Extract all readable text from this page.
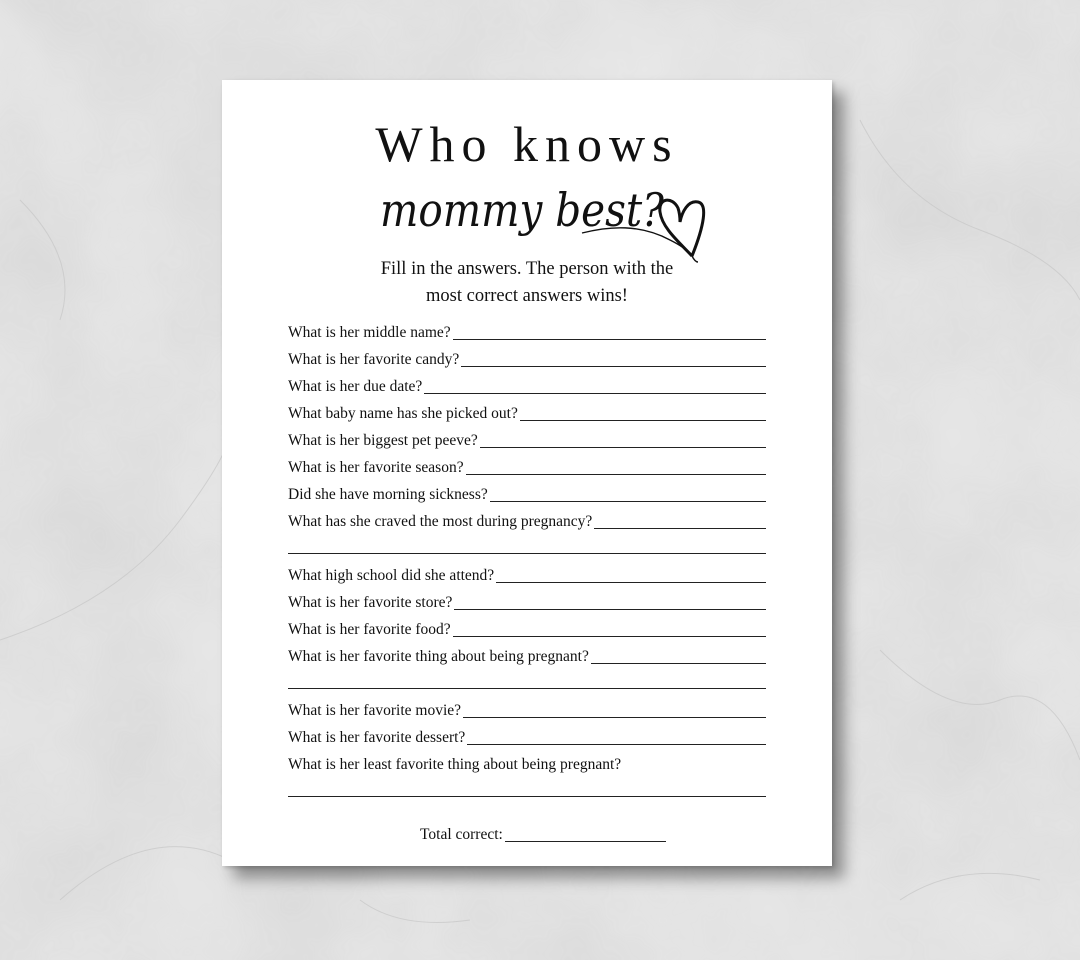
Who knows
mommy best?
Fill in the answers. The person with the
most correct answers wins!
What is her middle name?
What is her favorite candy?
What is her due date?
What baby name has she picked out?
What is her biggest pet peeve?
What is her favorite season?
Did she have morning sickness?
What has she craved the most during pregnancy?
What high school did she attend?
What is her favorite store?
What is her favorite food?
What is her favorite thing about being pregnant?
What is her favorite movie?
What is her favorite dessert?
What is her least favorite thing about being pregnant?
Total correct:
